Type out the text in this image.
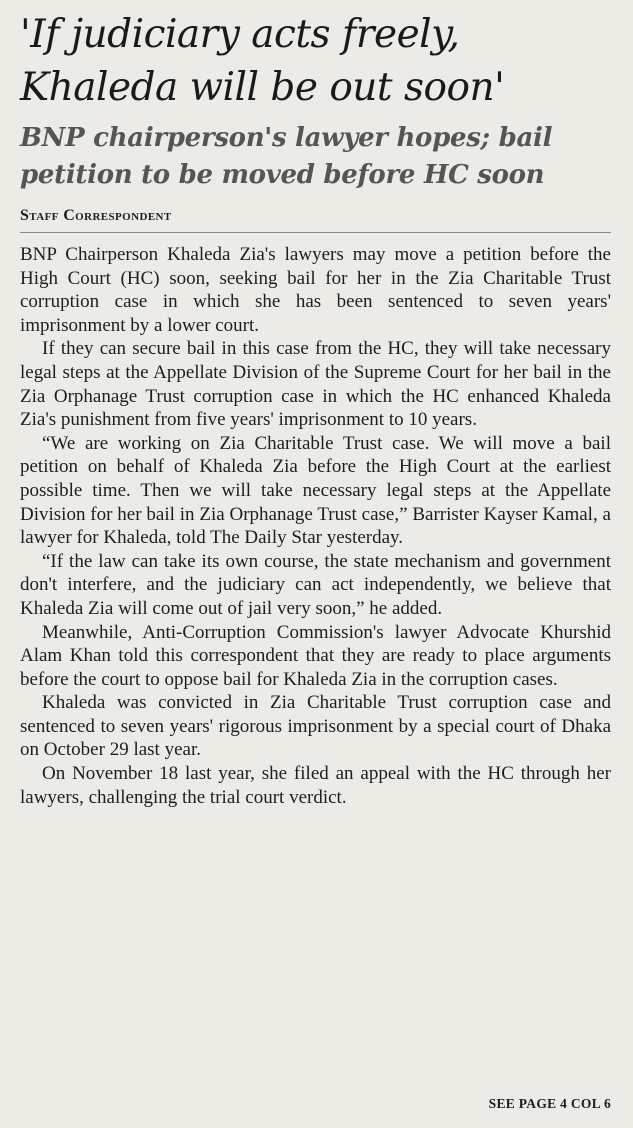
'If judiciary acts freely, Khaleda will be out soon'
BNP chairperson's lawyer hopes; bail petition to be moved before HC soon
Staff Correspondent

BNP Chairperson Khaleda Zia's lawyers may move a petition before the High Court (HC) soon, seeking bail for her in the Zia Charitable Trust corruption case in which she has been sentenced to seven years' imprisonment by a lower court.

If they can secure bail in this case from the HC, they will take necessary legal steps at the Appellate Division of the Supreme Court for her bail in the Zia Orphanage Trust corruption case in which the HC enhanced Khaleda Zia's punishment from five years' imprisonment to 10 years.

“We are working on Zia Charitable Trust case. We will move a bail petition on behalf of Khaleda Zia before the High Court at the earliest possible time. Then we will take necessary legal steps at the Appellate Division for her bail in Zia Orphanage Trust case,” Barrister Kayser Kamal, a lawyer for Khaleda, told The Daily Star yesterday.

“If the law can take its own course, the state mechanism and government don't interfere, and the judiciary can act independently, we believe that Khaleda Zia will come out of jail very soon,” he added.

Meanwhile, Anti-Corruption Commission's lawyer Advocate Khurshid Alam Khan told this correspondent that they are ready to place arguments before the court to oppose bail for Khaleda Zia in the corruption cases.

Khaleda was convicted in Zia Charitable Trust corruption case and sentenced to seven years' rigorous imprisonment by a special court of Dhaka on October 29 last year.

On November 18 last year, she filed an appeal with the HC through her lawyers, challenging the trial court verdict.

SEE PAGE 4 COL 6
